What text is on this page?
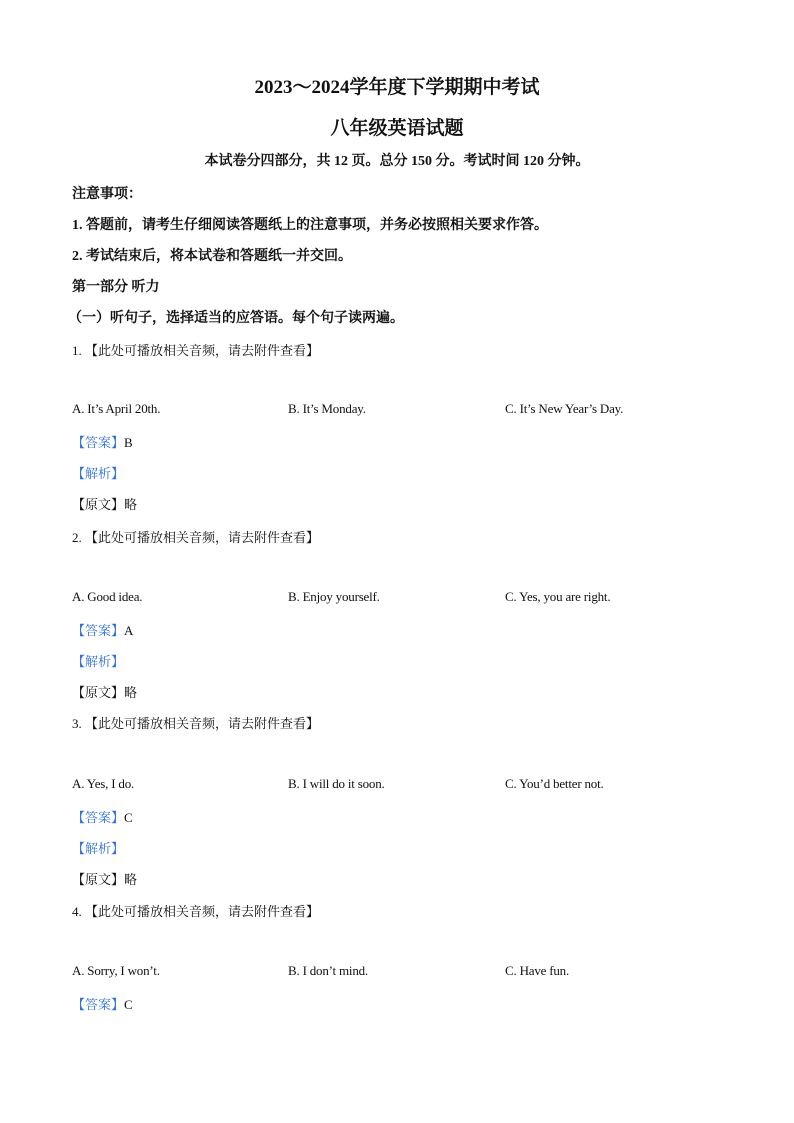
2023～2024学年度下学期期中考试
八年级英语试题
本试卷分四部分，共 12 页。总分 150 分。考试时间 120 分钟。
注意事项：
1. 答题前，请考生仔细阅读答题纸上的注意事项，并务必按照相关要求作答。
2. 考试结束后，将本试卷和答题纸一并交回。
第一部分 听力
（一）听句子，选择适当的应答语。每个句子读两遍。
1. 【此处可播放相关音频，请去附件查看】
A. It’s April 20th.	B. It’s Monday.	C. It’s New Year’s Day.
【答案】B
【解析】
【原文】略
2. 【此处可播放相关音频，请去附件查看】
A. Good idea.	B. Enjoy yourself.	C. Yes, you are right.
【答案】A
【解析】
【原文】略
3. 【此处可播放相关音频，请去附件查看】
A. Yes, I do.	B. I will do it soon.	C. You’d better not.
【答案】C
【解析】
【原文】略
4. 【此处可播放相关音频，请去附件查看】
A. Sorry, I won’t.	B. I don’t mind.	C. Have fun.
【答案】C
